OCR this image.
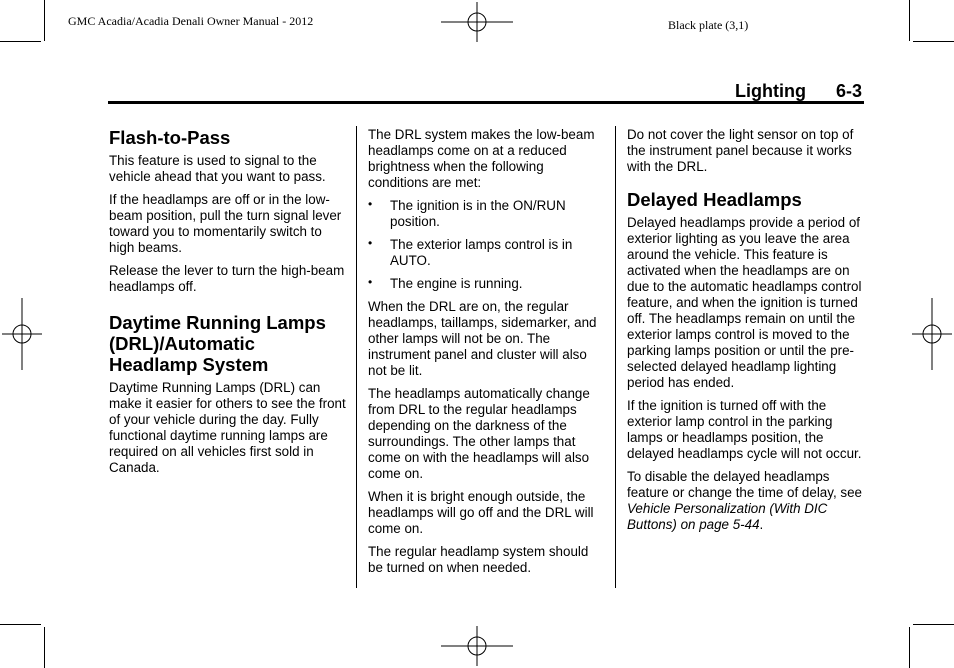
GMC Acadia/Acadia Denali Owner Manual - 2012	Black plate (3,1)
Lighting 6-3
Flash-to-Pass

This feature is used to signal to the vehicle ahead that you want to pass.

If the headlamps are off or in the low-beam position, pull the turn signal lever toward you to momentarily switch to high beams.

Release the lever to turn the high-beam headlamps off.

Daytime Running Lamps (DRL)/Automatic Headlamp System

Daytime Running Lamps (DRL) can make it easier for others to see the front of your vehicle during the day. Fully functional daytime running lamps are required on all vehicles first sold in Canada.

The DRL system makes the low-beam headlamps come on at a reduced brightness when the following conditions are met:

• The ignition is in the ON/RUN position.
• The exterior lamps control is in AUTO.
• The engine is running.

When the DRL are on, the regular headlamps, taillamps, sidemarker, and other lamps will not be on. The instrument panel and cluster will also not be lit.

The headlamps automatically change from DRL to the regular headlamps depending on the darkness of the surroundings. The other lamps that come on with the headlamps will also come on.

When it is bright enough outside, the headlamps will go off and the DRL will come on.

The regular headlamp system should be turned on when needed.

Do not cover the light sensor on top of the instrument panel because it works with the DRL.

Delayed Headlamps

Delayed headlamps provide a period of exterior lighting as you leave the area around the vehicle. This feature is activated when the headlamps are on due to the automatic headlamps control feature, and when the ignition is turned off. The headlamps remain on until the exterior lamps control is moved to the parking lamps position or until the pre-selected delayed headlamp lighting period has ended.

If the ignition is turned off with the exterior lamp control in the parking lamps or headlamps position, the delayed headlamps cycle will not occur.

To disable the delayed headlamps feature or change the time of delay, see Vehicle Personalization (With DIC Buttons) on page 5-44.
